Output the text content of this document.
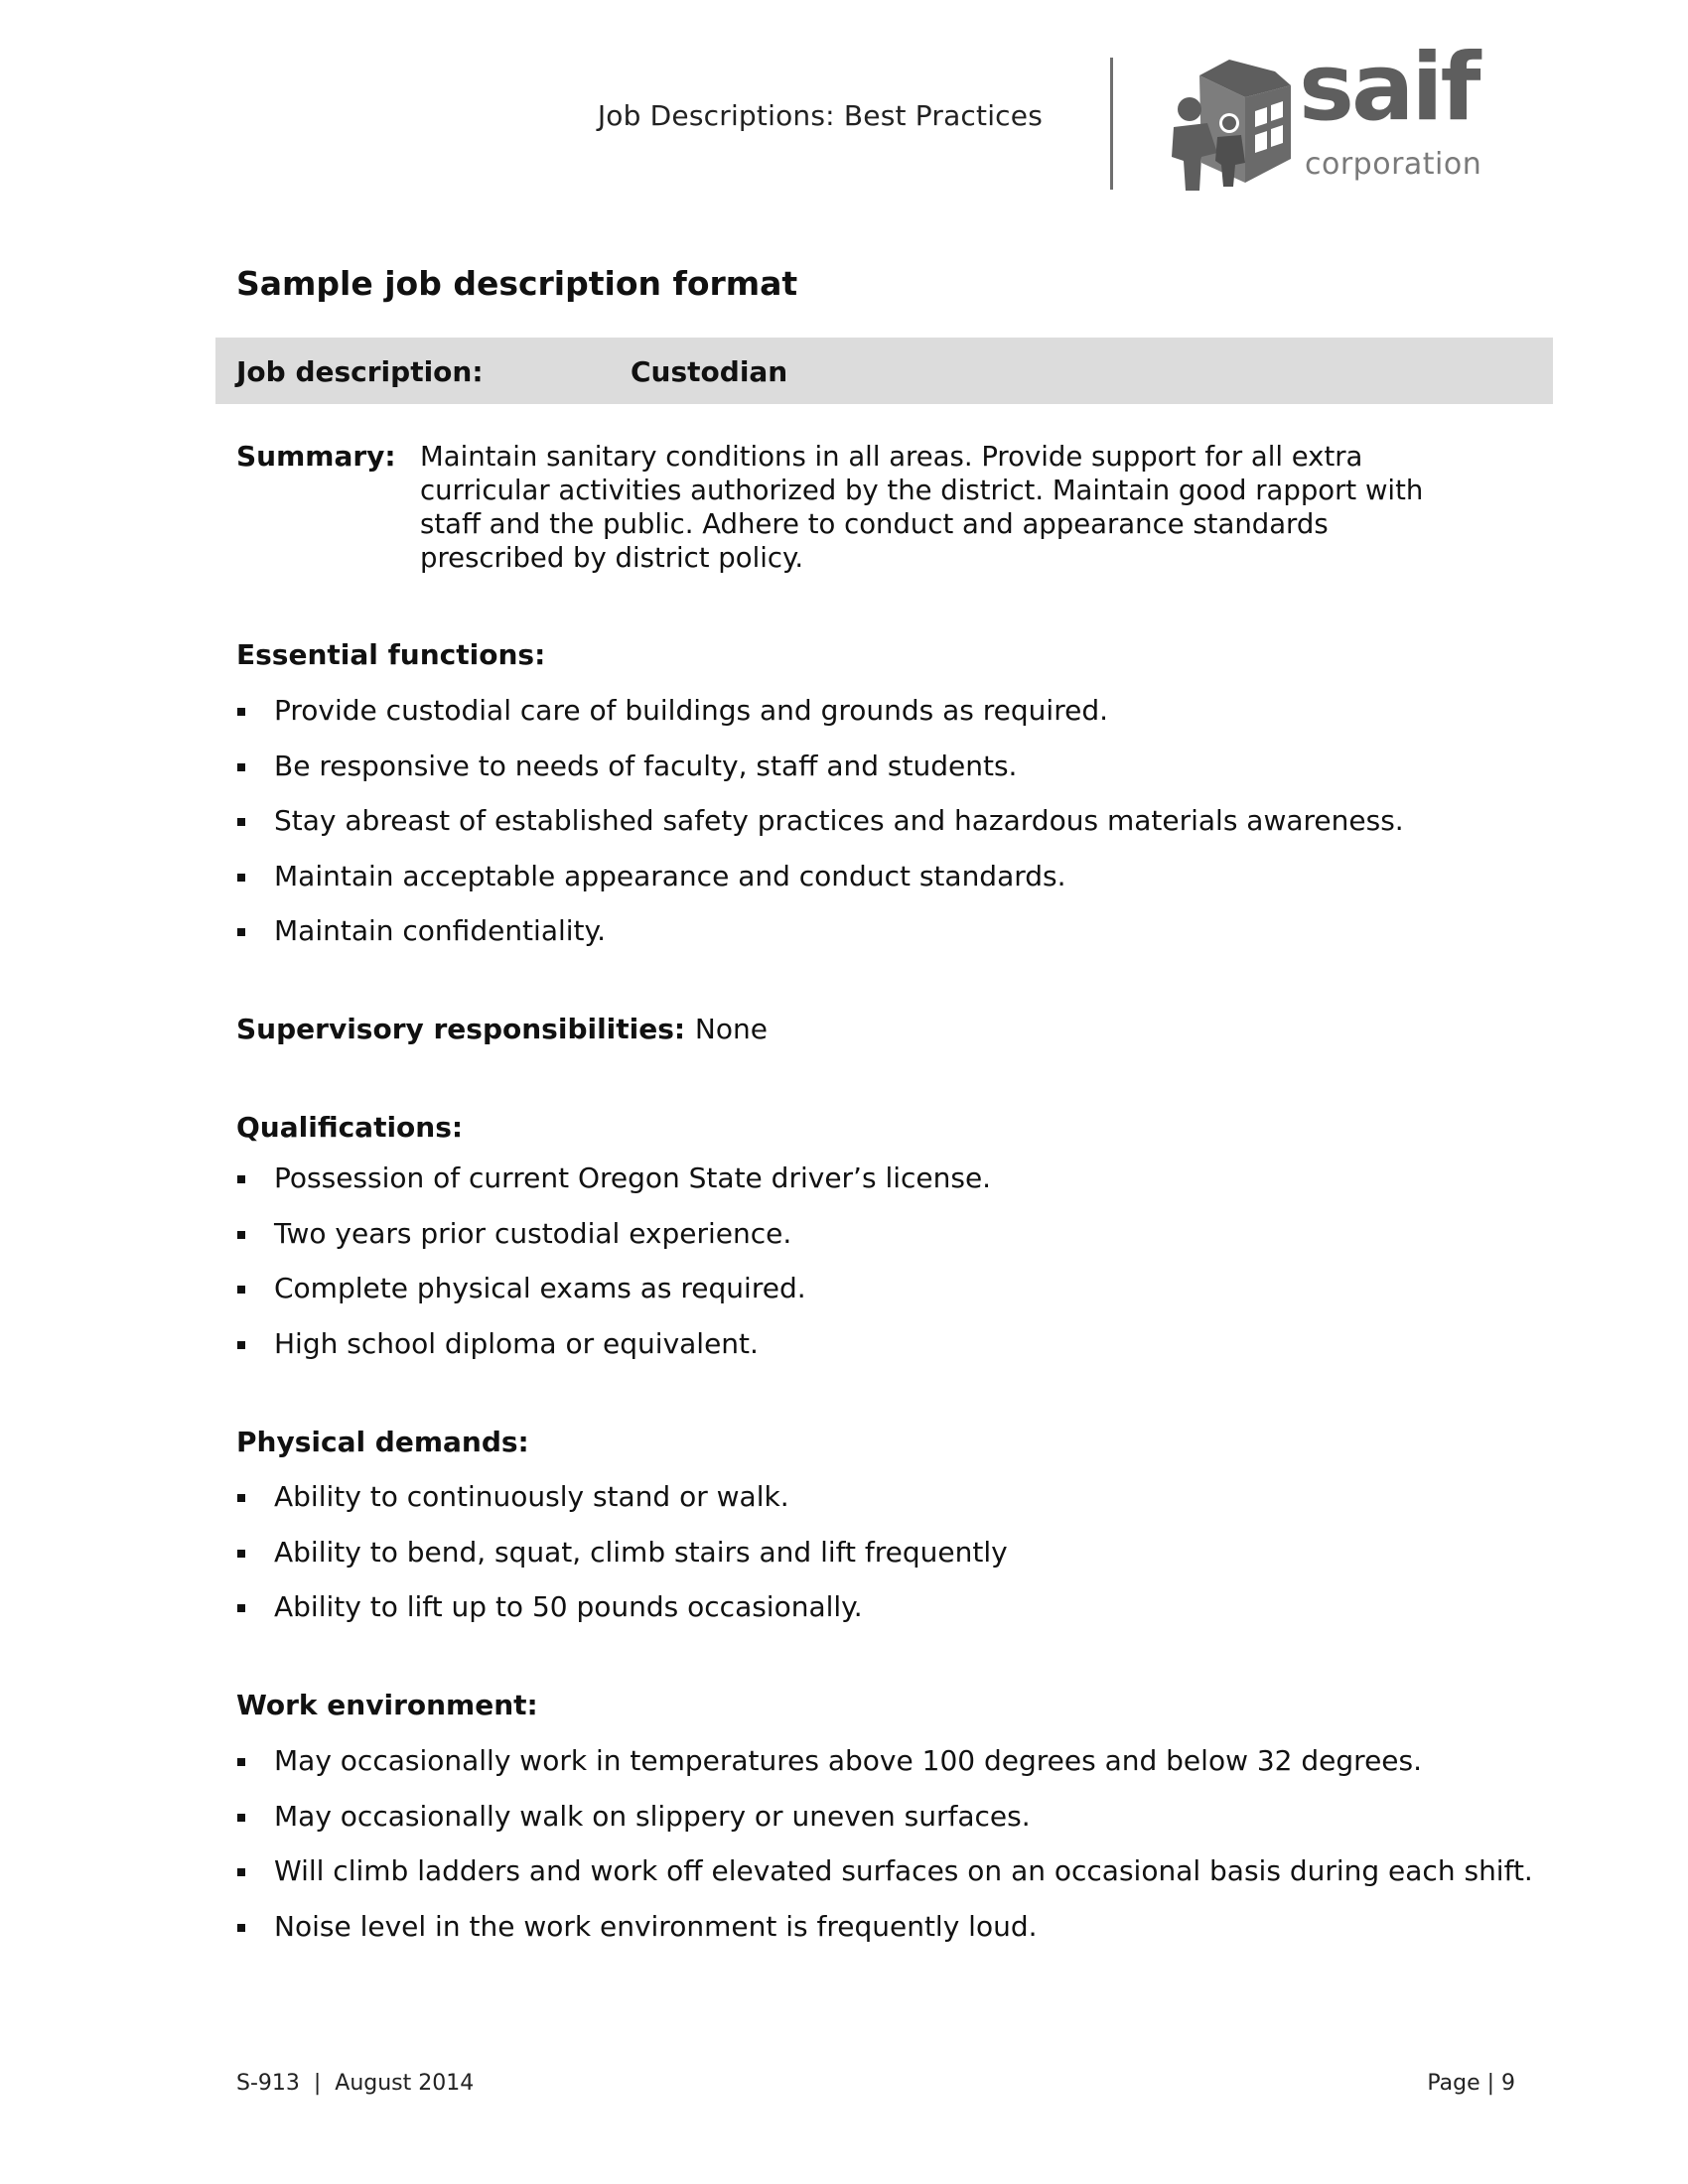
Job Descriptions: Best Practices	saif
corporation
Sample job description format
Job description:	Custodian
Summary: Maintain sanitary conditions in all areas. Provide support for all extra curricular activities authorized by the district. Maintain good rapport with staff and the public. Adhere to conduct and appearance standards prescribed by district policy.
Essential functions:
Provide custodial care of buildings and grounds as required.
Be responsive to needs of faculty, staff and students.
Stay abreast of established safety practices and hazardous materials awareness.
Maintain acceptable appearance and conduct standards.
Maintain confidentiality.
Supervisory responsibilities: None
Qualifications:
Possession of current Oregon State driver’s license.
Two years prior custodial experience.
Complete physical exams as required.
High school diploma or equivalent.
Physical demands:
Ability to continuously stand or walk.
Ability to bend, squat, climb stairs and lift frequently
Ability to lift up to 50 pounds occasionally.
Work environment:
May occasionally work in temperatures above 100 degrees and below 32 degrees.
May occasionally walk on slippery or uneven surfaces.
Will climb ladders and work off elevated surfaces on an occasional basis during each shift.
Noise level in the work environment is frequently loud.
S-913  |  August 2014	Page | 9
